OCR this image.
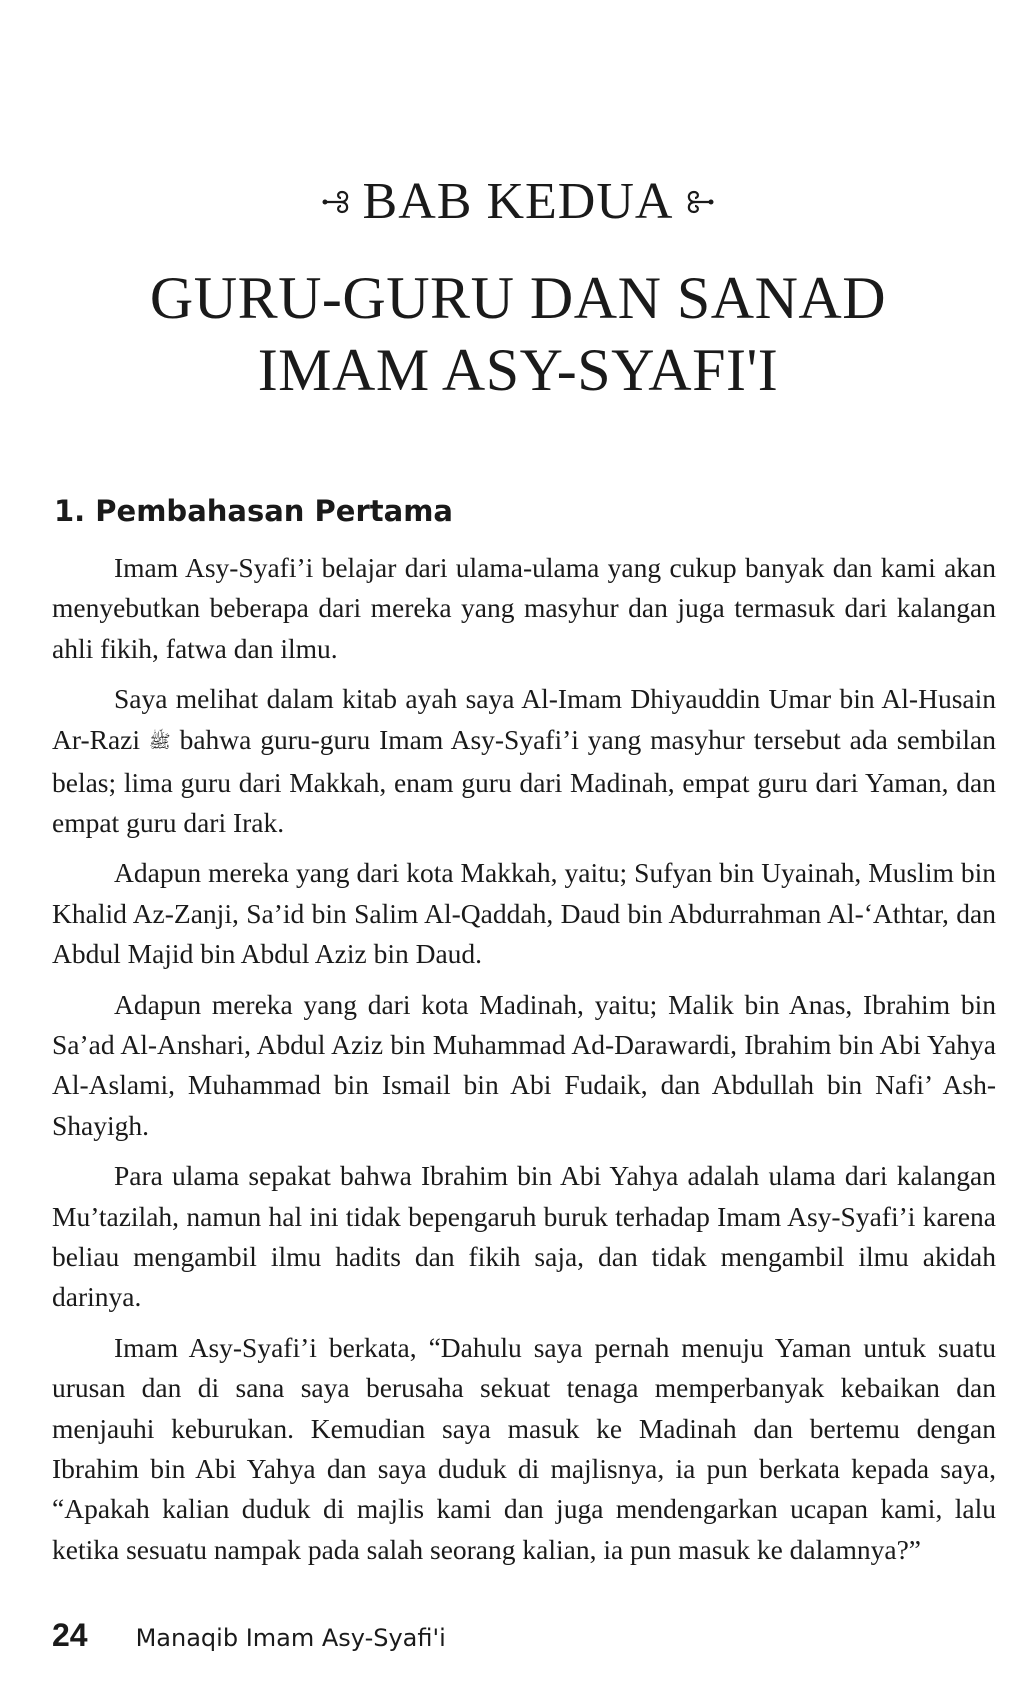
BAB KEDUA
GURU-GURU DAN SANAD
IMAM ASY-SYAFI'I
1. Pembahasan Pertama

Imam Asy-Syafi’i belajar dari ulama-ulama yang cukup banyak dan kami akan menyebutkan beberapa dari mereka yang masyhur dan juga termasuk dari kalangan ahli fikih, fatwa dan ilmu.

Saya melihat dalam kitab ayah saya Al-Imam Dhiyauddin Umar bin Al-Husain Ar-Razi ﷺ bahwa guru-guru Imam Asy-Syafi’i yang masyhur tersebut ada sembilan belas; lima guru dari Makkah, enam guru dari Madinah, empat guru dari Yaman, dan empat guru dari Irak.

Adapun mereka yang dari kota Makkah, yaitu; Sufyan bin Uyainah, Muslim bin Khalid Az-Zanji, Sa’id bin Salim Al-Qaddah, Daud bin Abdurrahman Al-‘Athtar, dan Abdul Majid bin Abdul Aziz bin Daud.

Adapun mereka yang dari kota Madinah, yaitu; Malik bin Anas, Ibrahim bin Sa’ad Al-Anshari, Abdul Aziz bin Muhammad Ad-Darawardi, Ibrahim bin Abi Yahya Al-Aslami, Muhammad bin Ismail bin Abi Fudaik, dan Abdullah bin Nafi’ Ash-Shayigh.

Para ulama sepakat bahwa Ibrahim bin Abi Yahya adalah ulama dari kalangan Mu’tazilah, namun hal ini tidak bepengaruh buruk terhadap Imam Asy-Syafi’i karena beliau mengambil ilmu hadits dan fikih saja, dan tidak mengambil ilmu akidah darinya.

Imam Asy-Syafi’i berkata, “Dahulu saya pernah menuju Yaman untuk suatu urusan dan di sana saya berusaha sekuat tenaga memperbanyak kebaikan dan menjauhi keburukan. Kemudian saya masuk ke Madinah dan bertemu dengan Ibrahim bin Abi Yahya dan saya duduk di majlisnya, ia pun berkata kepada saya, “Apakah kalian duduk di majlis kami dan juga mendengarkan ucapan kami, lalu ketika sesuatu nampak pada salah seorang kalian, ia pun masuk ke dalamnya?”

24 Manaqib Imam Asy-Syafi'i
